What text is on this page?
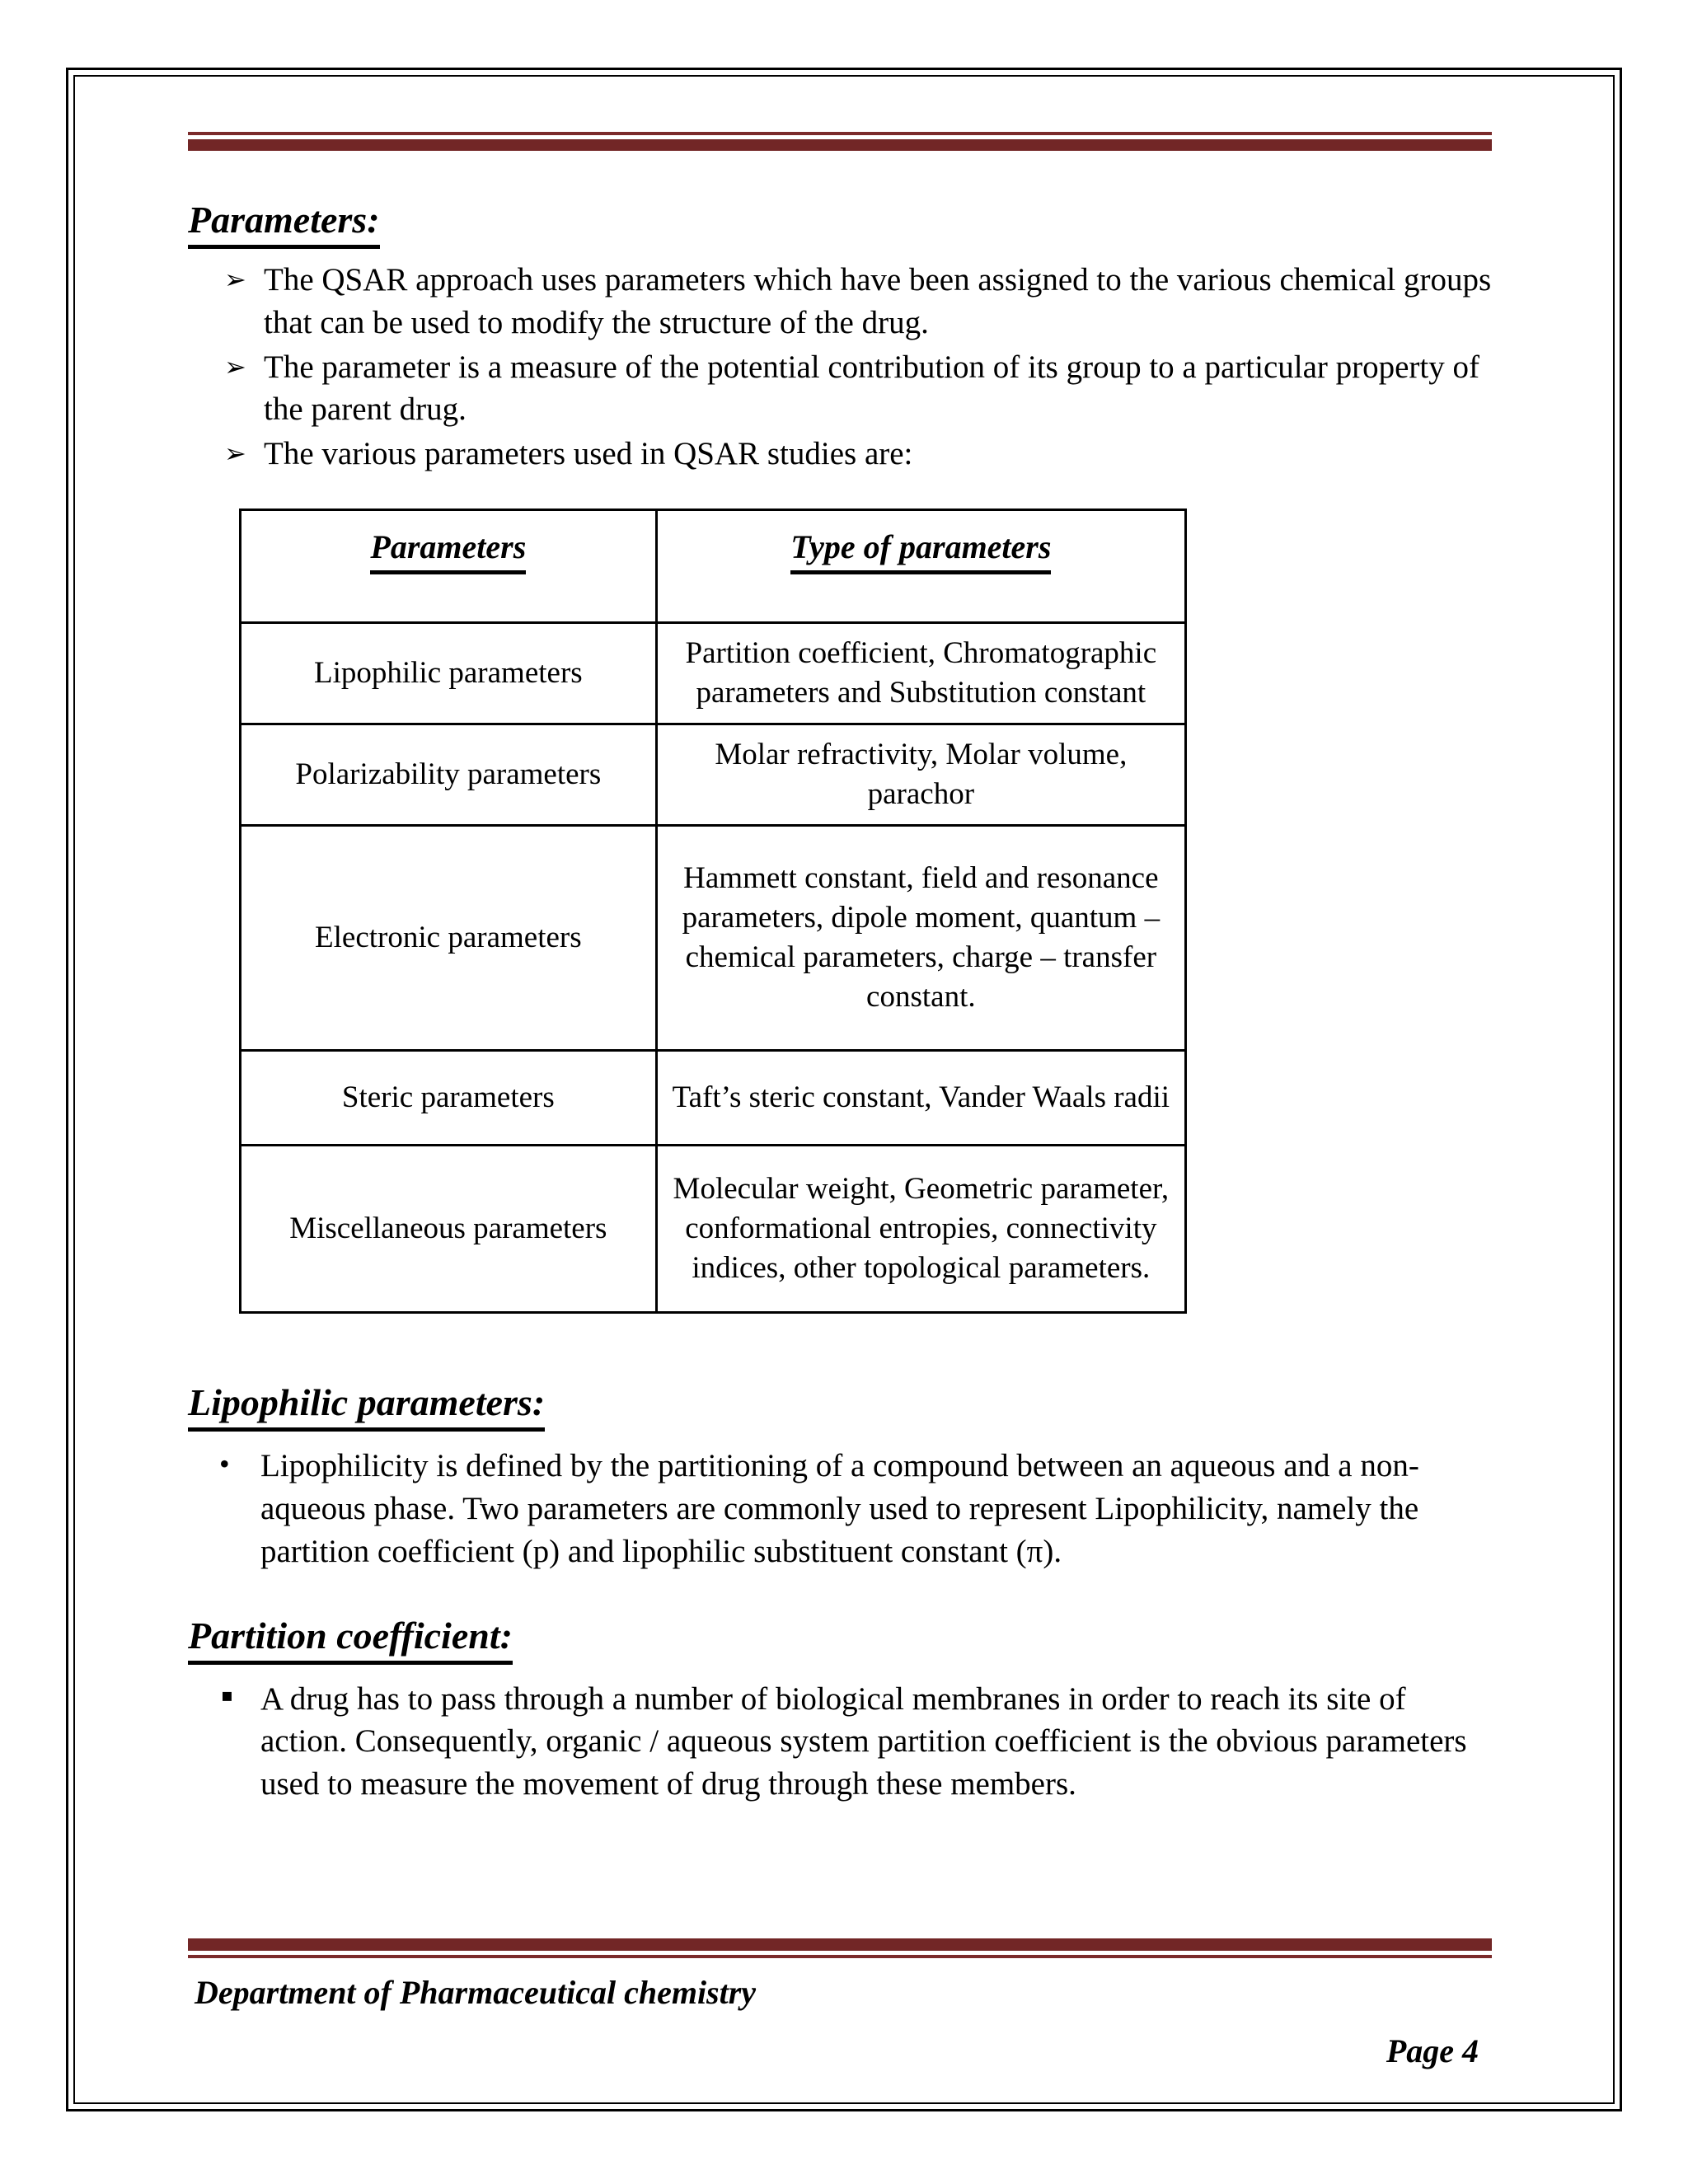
Parameters:
➢ The QSAR approach uses parameters which have been assigned to the various chemical groups that can be used to modify the structure of the drug.
➢ The parameter is a measure of the potential contribution of its group to a particular property of the parent drug.
➢ The various parameters used in QSAR studies are:
Parameters	Type of parameters
Lipophilic parameters	Partition coefficient, Chromatographic parameters and Substitution constant
Polarizability parameters	Molar refractivity, Molar volume, parachor
Electronic parameters	Hammett constant, field and resonance parameters, dipole moment, quantum – chemical parameters, charge – transfer constant.
Steric parameters	Taft’s steric constant, Vander Waals radii
Miscellaneous parameters	Molecular weight, Geometric parameter, conformational entropies, connectivity indices, other topological parameters.
Lipophilic parameters:
• Lipophilicity is defined by the partitioning of a compound between an aqueous and a non-aqueous phase. Two parameters are commonly used to represent Lipophilicity, namely the partition coefficient (p) and lipophilic substituent constant (π).
Partition coefficient:
▪ A drug has to pass through a number of biological membranes in order to reach its site of action. Consequently, organic / aqueous system partition coefficient is the obvious parameters used to measure the movement of drug through these members.
Department of Pharmaceutical chemistry
Page 4
